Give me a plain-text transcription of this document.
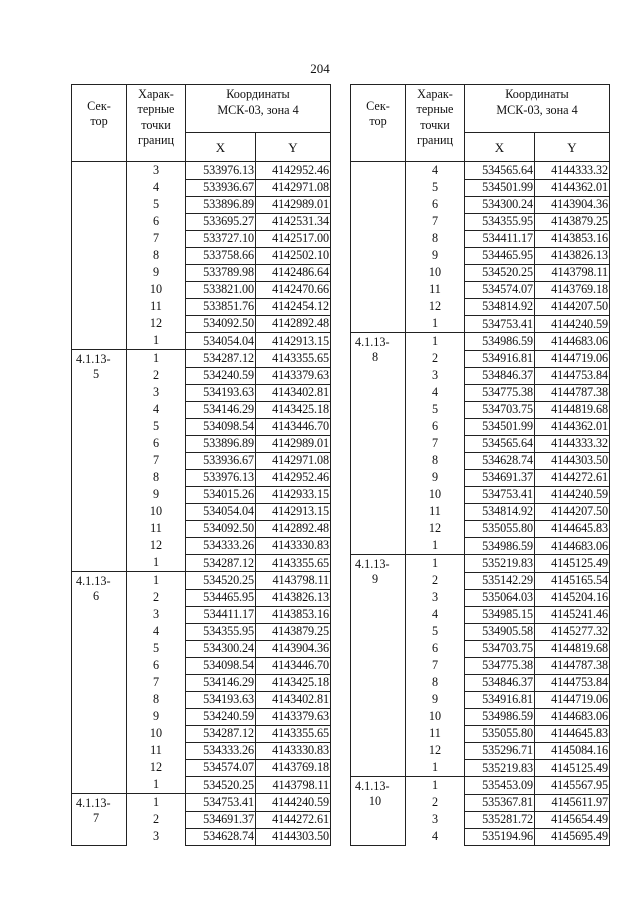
204
Сек-
тор	Харак-
терные
точки
границ	Координаты
МСК-03, зона 4	
		X	Y
	3	533976.13	4142952.46
	4	533936.67	4142971.08
	5	533896.89	4142989.01
	6	533695.27	4142531.34
	7	533727.10	4142517.00
	8	533758.66	4142502.10
	9	533789.98	4142486.64
	10	533821.00	4142470.66
	11	533851.76	4142454.12
	12	534092.50	4142892.48
	1	534054.04	4142913.15
4.1.13-
5	1	534287.12	4143355.65
	2	534240.59	4143379.63
	3	534193.63	4143402.81
	4	534146.29	4143425.18
	5	534098.54	4143446.70
	6	533896.89	4142989.01
	7	533936.67	4142971.08
	8	533976.13	4142952.46
	9	534015.26	4142933.15
	10	534054.04	4142913.15
	11	534092.50	4142892.48
	12	534333.26	4143330.83
	1	534287.12	4143355.65
4.1.13-
6	1	534520.25	4143798.11
	2	534465.95	4143826.13
	3	534411.17	4143853.16
	4	534355.95	4143879.25
	5	534300.24	4143904.36
	6	534098.54	4143446.70
	7	534146.29	4143425.18
	8	534193.63	4143402.81
	9	534240.59	4143379.63
	10	534287.12	4143355.65
	11	534333.26	4143330.83
	12	534574.07	4143769.18
	1	534520.25	4143798.11
4.1.13-
7	1	534753.41	4144240.59
	2	534691.37	4144272.61
	3	534628.74	4144303.50
Сек-
тор	Харак-
терные
точки
границ	Координаты
МСК-03, зона 4	
		X	Y
	4	534565.64	4144333.32
	5	534501.99	4144362.01
	6	534300.24	4143904.36
	7	534355.95	4143879.25
	8	534411.17	4143853.16
	9	534465.95	4143826.13
	10	534520.25	4143798.11
	11	534574.07	4143769.18
	12	534814.92	4144207.50
	1	534753.41	4144240.59
4.1.13-
8	1	534986.59	4144683.06
	2	534916.81	4144719.06
	3	534846.37	4144753.84
	4	534775.38	4144787.38
	5	534703.75	4144819.68
	6	534501.99	4144362.01
	7	534565.64	4144333.32
	8	534628.74	4144303.50
	9	534691.37	4144272.61
	10	534753.41	4144240.59
	11	534814.92	4144207.50
	12	535055.80	4144645.83
	1	534986.59	4144683.06
4.1.13-
9	1	535219.83	4145125.49
	2	535142.29	4145165.54
	3	535064.03	4145204.16
	4	534985.15	4145241.46
	5	534905.58	4145277.32
	6	534703.75	4144819.68
	7	534775.38	4144787.38
	8	534846.37	4144753.84
	9	534916.81	4144719.06
	10	534986.59	4144683.06
	11	535055.80	4144645.83
	12	535296.71	4145084.16
	1	535219.83	4145125.49
4.1.13-
10	1	535453.09	4145567.95
	2	535367.81	4145611.97
	3	535281.72	4145654.49
	4	535194.96	4145695.49
